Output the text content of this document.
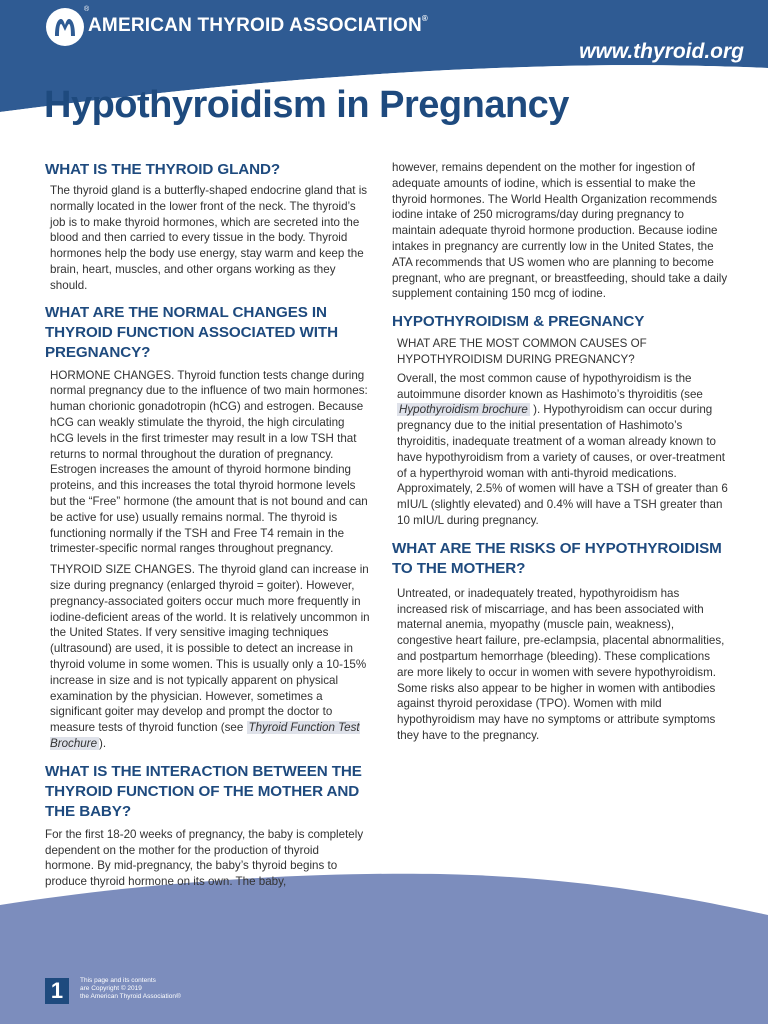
®
AMERICAN THYROID ASSOCIATION®
www.thyroid.org
Hypothyroidism in Pregnancy
WHAT IS THE THYROID GLAND?

The thyroid gland is a butterfly-shaped endocrine gland that is normally located in the lower front of the neck. The thyroid’s job is to make thyroid hormones, which are secreted into the blood and then carried to every tissue in the body. Thyroid hormones help the body use energy, stay warm and keep the brain, heart, muscles, and other organs working as they should.

WHAT ARE THE NORMAL CHANGES IN THYROID FUNCTION ASSOCIATED WITH PREGNANCY?

HORMONE CHANGES. Thyroid function tests change during normal pregnancy due to the influence of two main hormones: human chorionic gonadotropin (hCG) and estrogen. Because hCG can weakly stimulate the thyroid, the high circulating hCG levels in the first trimester may result in a low TSH that returns to normal throughout the duration of pregnancy. Estrogen increases the amount of thyroid hormone binding proteins, and this increases the total thyroid hormone levels but the “Free” hormone (the amount that is not bound and can be active for use) usually remains normal. The thyroid is functioning normally if the TSH and Free T4 remain in the trimester-specific normal ranges throughout pregnancy.

THYROID SIZE CHANGES. The thyroid gland can increase in size during pregnancy (enlarged thyroid = goiter). However, pregnancy-associated goiters occur much more frequently in iodine-deficient areas of the world. It is relatively uncommon in the United States. If very sensitive imaging techniques (ultrasound) are used, it is possible to detect an increase in thyroid volume in some women. This is usually only a 10-15% increase in size and is not typically apparent on physical examination by the physician. However, sometimes a significant goiter may develop and prompt the doctor to measure tests of thyroid function (see Thyroid Function Test Brochure ).

WHAT IS THE INTERACTION BETWEEN THE THYROID FUNCTION OF THE MOTHER AND THE BABY?

For the first 18-20 weeks of pregnancy, the baby is completely dependent on the mother for the production of thyroid hormone. By mid-pregnancy, the baby’s thyroid begins to produce thyroid hormone on its own. The baby,

however, remains dependent on the mother for ingestion of adequate amounts of iodine, which is essential to make the thyroid hormones. The World Health Organization recommends iodine intake of 250 micrograms/day during pregnancy to maintain adequate thyroid hormone production. Because iodine intakes in pregnancy are currently low in the United States, the ATA recommends that US women who are planning to become pregnant, who are pregnant, or breastfeeding, should take a daily supplement containing 150 mcg of iodine.

HYPOTHYROIDISM & PREGNANCY

WHAT ARE THE MOST COMMON CAUSES OF HYPOTHYROIDISM DURING PREGNANCY?

Overall, the most common cause of hypothyroidism is the autoimmune disorder known as Hashimoto’s thyroiditis (see Hypothyroidism brochure ). Hypothyroidism can occur during pregnancy due to the initial presentation of Hashimoto’s thyroiditis, inadequate treatment of a woman already known to have hypothyroidism from a variety of causes, or over-treatment of a hyperthyroid woman with anti-thyroid medications. Approximately, 2.5% of women will have a TSH of greater than 6 mIU/L (slightly elevated) and 0.4% will have a TSH greater than 10 mIU/L during pregnancy.

WHAT ARE THE RISKS OF HYPOTHYROIDISM TO THE MOTHER?

Untreated, or inadequately treated, hypothyroidism has increased risk of miscarriage, and has been associated with maternal anemia, myopathy (muscle pain, weakness), congestive heart failure, pre-eclampsia, placental abnormalities, and postpartum hemorrhage (bleeding). These complications are more likely to occur in women with severe hypothyroidism. Some risks also appear to be higher in women with antibodies against thyroid peroxidase (TPO). Women with mild hypothyroidism may have no symptoms or attribute symptoms they have to the pregnancy.

1	This page and its contents
are Copyright © 2019
the American Thyroid Association®
